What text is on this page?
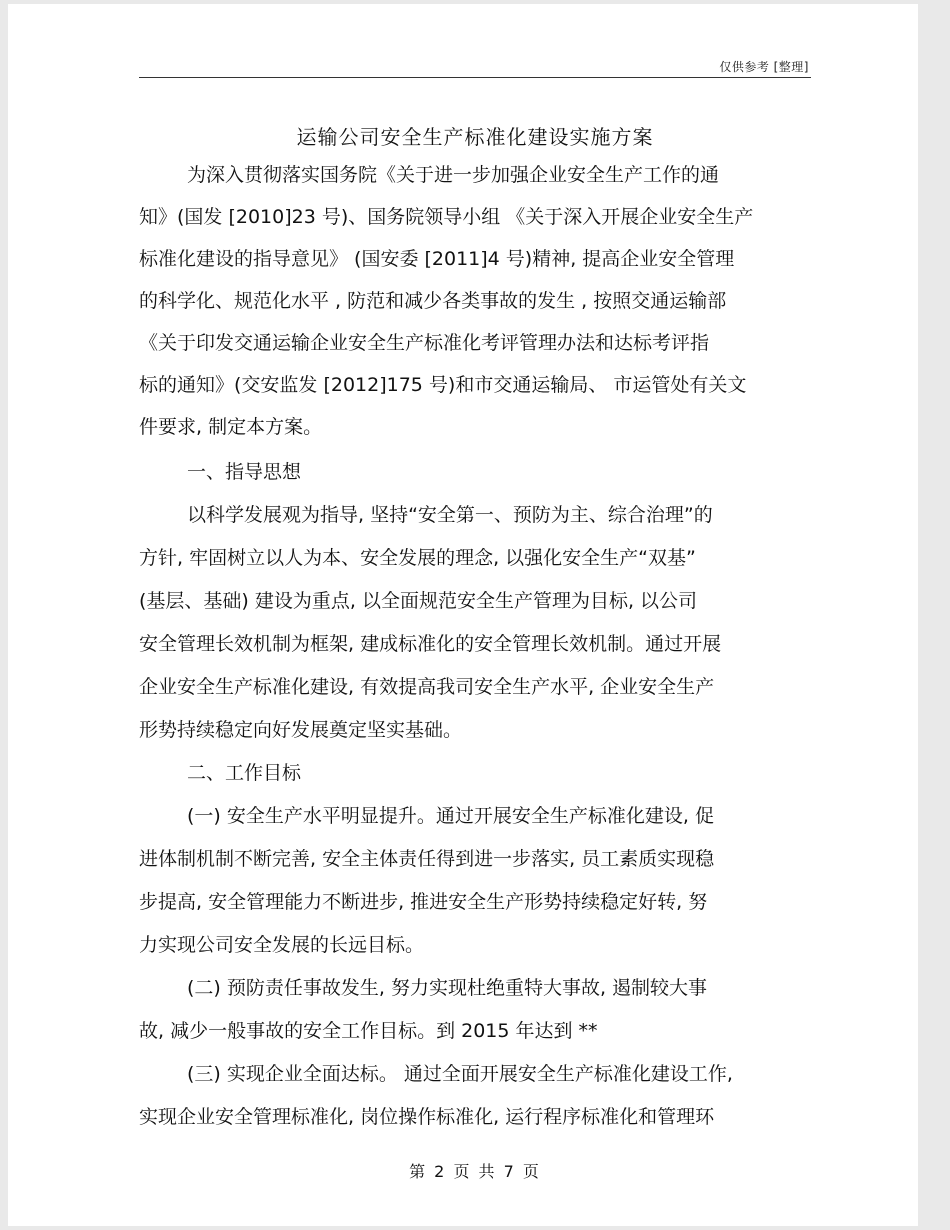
仅供参考 [整理]
运输公司安全生产标准化建设实施方案
为深入贯彻落实国务院《关于进一步加强企业安全生产工作的通
知》(国发 [2010]23 号)、国务院领导小组 《关于深入开展企业安全生产
标准化建设的指导意见》 (国安委 [2011]4 号)精神, 提高企业安全管理
的科学化、规范化水平 , 防范和减少各类事故的发生 , 按照交通运输部
《关于印发交通运输企业安全生产标准化考评管理办法和达标考评指
标的通知》(交安监发 [2012]175 号)和市交通运输局、 市运管处有关文
件要求, 制定本方案。
一、指导思想
以科学发展观为指导, 坚持“安全第一、预防为主、综合治理”的
方针, 牢固树立以人为本、安全发展的理念, 以强化安全生产“双基”
(基层、基础) 建设为重点, 以全面规范安全生产管理为目标, 以公司
安全管理长效机制为框架, 建成标准化的安全管理长效机制。通过开展
企业安全生产标准化建设, 有效提高我司安全生产水平, 企业安全生产
形势持续稳定向好发展奠定坚实基础。
二、工作目标
(一) 安全生产水平明显提升。通过开展安全生产标准化建设, 促
进体制机制不断完善, 安全主体责任得到进一步落实, 员工素质实现稳
步提高, 安全管理能力不断进步, 推进安全生产形势持续稳定好转, 努
力实现公司安全发展的长远目标。
(二) 预防责任事故发生, 努力实现杜绝重特大事故, 遏制较大事
故, 减少一般事故的安全工作目标。到 2015 年达到 **
(三) 实现企业全面达标。 通过全面开展安全生产标准化建设工作,
实现企业安全管理标准化, 岗位操作标准化, 运行程序标准化和管理环
第 2 页 共 7 页
